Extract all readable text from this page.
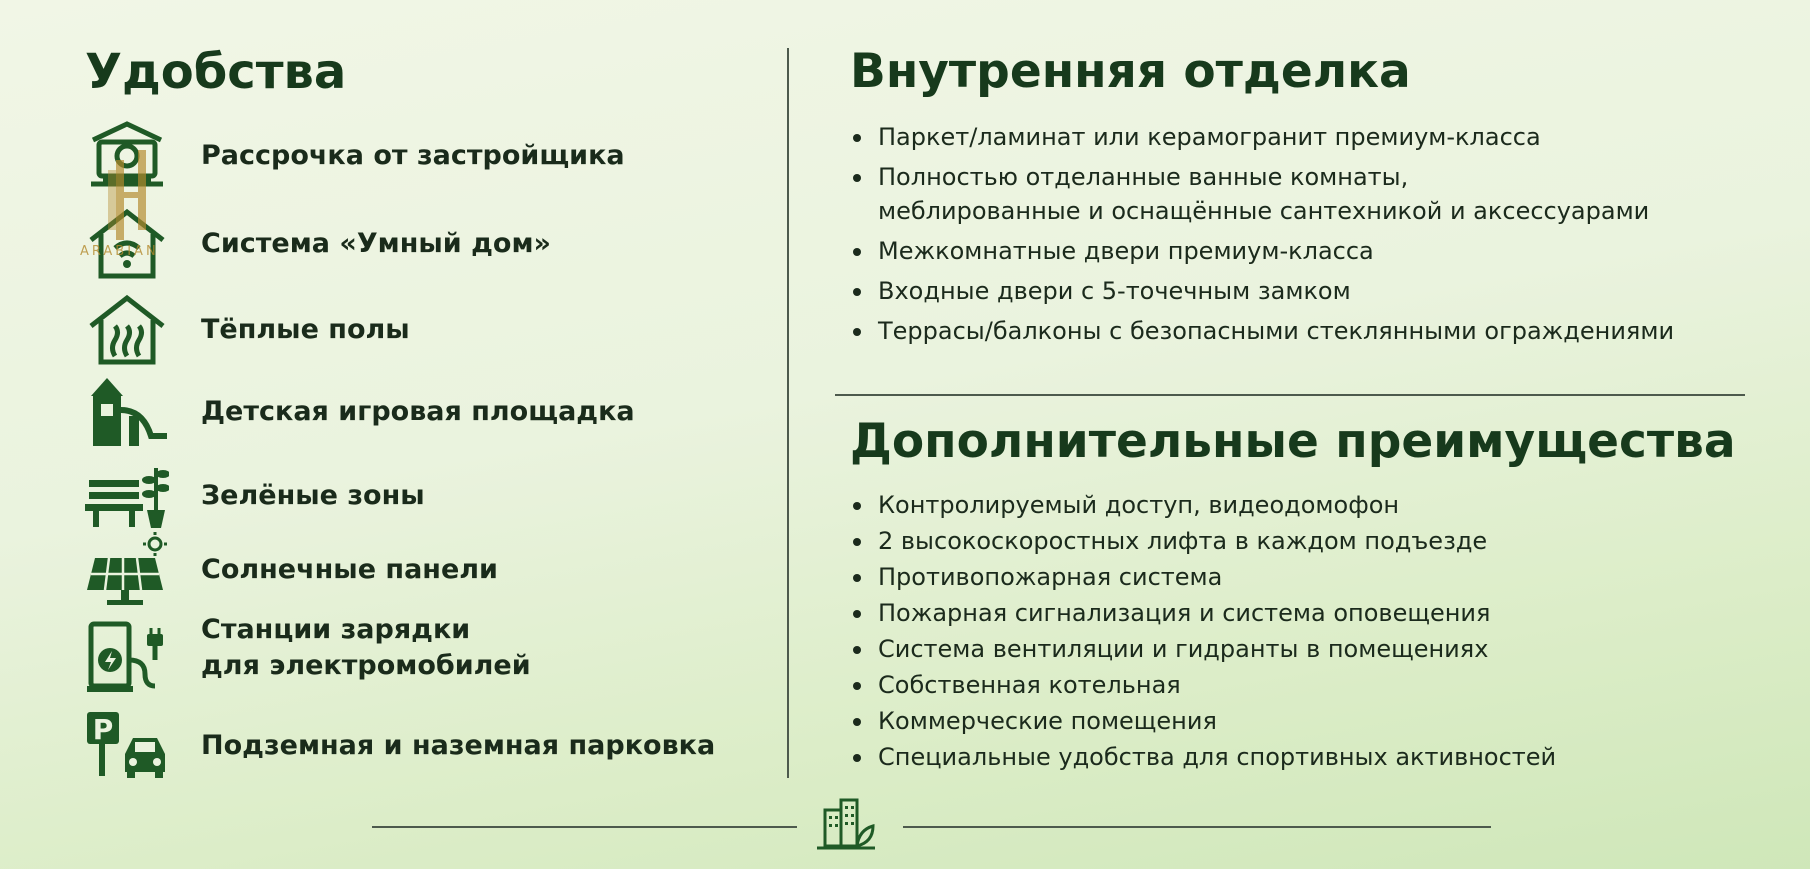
Удобства
Рассрочка от застройщика
Система «Умный дом»
Тёплые полы
Детская игровая площадка
Зелёные зоны
Солнечные панели
Станции зарядки
для электромобилей
P	Подземная и наземная парковка
ARABIAN
Внутренняя отделка
Паркет/ламинат или керамогранит премиум-класса
Полностью отделанные ванные комнаты,
меблированные и оснащённые сантехникой и аксессуарами
Межкомнатные двери премиум-класса
Входные двери с 5-точечным замком
Террасы/балконы с безопасными стеклянными ограждениями
Дополнительные преимущества
Контролируемый доступ, видеодомофон
2 высокоскоростных лифта в каждом подъезде
Противопожарная система
Пожарная сигнализация и система оповещения
Система вентиляции и гидранты в помещениях
Собственная котельная
Коммерческие помещения
Специальные удобства для спортивных активностей
